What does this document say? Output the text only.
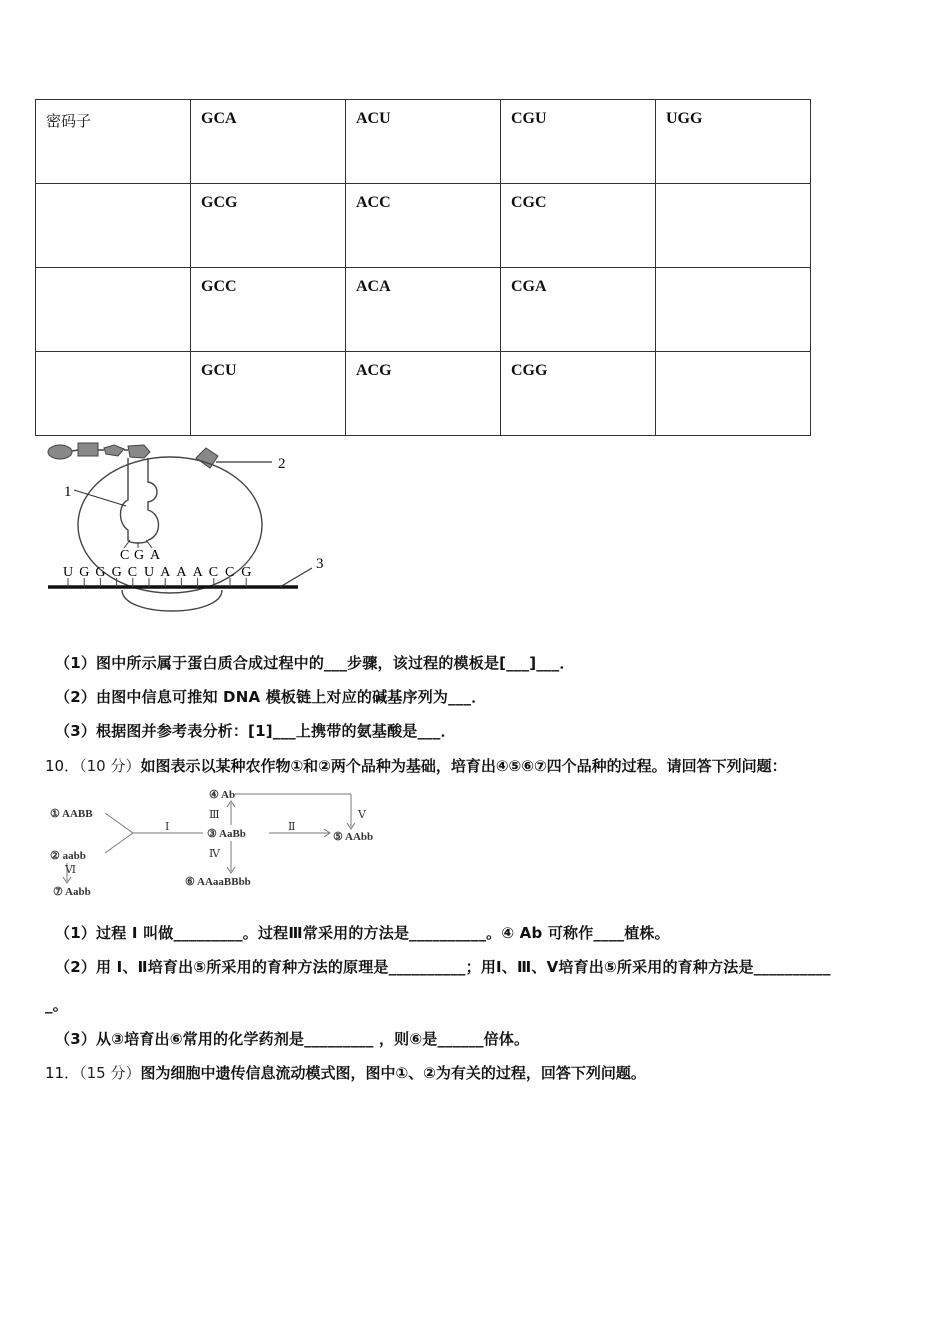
密码子	GCA	ACU	CGU	UGG
	GCG	ACC	CGC	
	GCC	ACA	CGA	
	GCU	ACG	CGG	
2
C G A
1
U G G G C U A A A C C G
3
（1）图中所示属于蛋白质合成过程中的___步骤，该过程的模板是[___]___．
（2）由图中信息可推知 DNA 模板链上对应的碱基序列为___．
（3）根据图并参考表分析：[1]___上携带的氨基酸是___．
10．（10 分）如图表示以某种农作物①和②两个品种为基础，培育出④⑤⑥⑦四个品种的过程。请回答下列问题：
① AABB
② aabb
③ AaBb
④ Ab
⑤ AAbb
⑥ AAaaBBbb
⑦ Aabb
Ⅰ	Ⅱ
Ⅲ
Ⅳ
Ⅴ
Ⅵ
（1）过程 I 叫做_________。过程Ⅲ常采用的方法是__________。④ Ab 可称作____植株。
（2）用 I、Ⅱ培育出⑤所采用的育种方法的原理是__________；用Ⅰ、Ⅲ、Ⅴ培育出⑤所采用的育种方法是__________
_。
（3）从③培育出⑥常用的化学药剂是_________ ，则⑥是______倍体。
11．（15 分）图为细胞中遗传信息流动模式图，图中①、②为有关的过程，回答下列问题。
